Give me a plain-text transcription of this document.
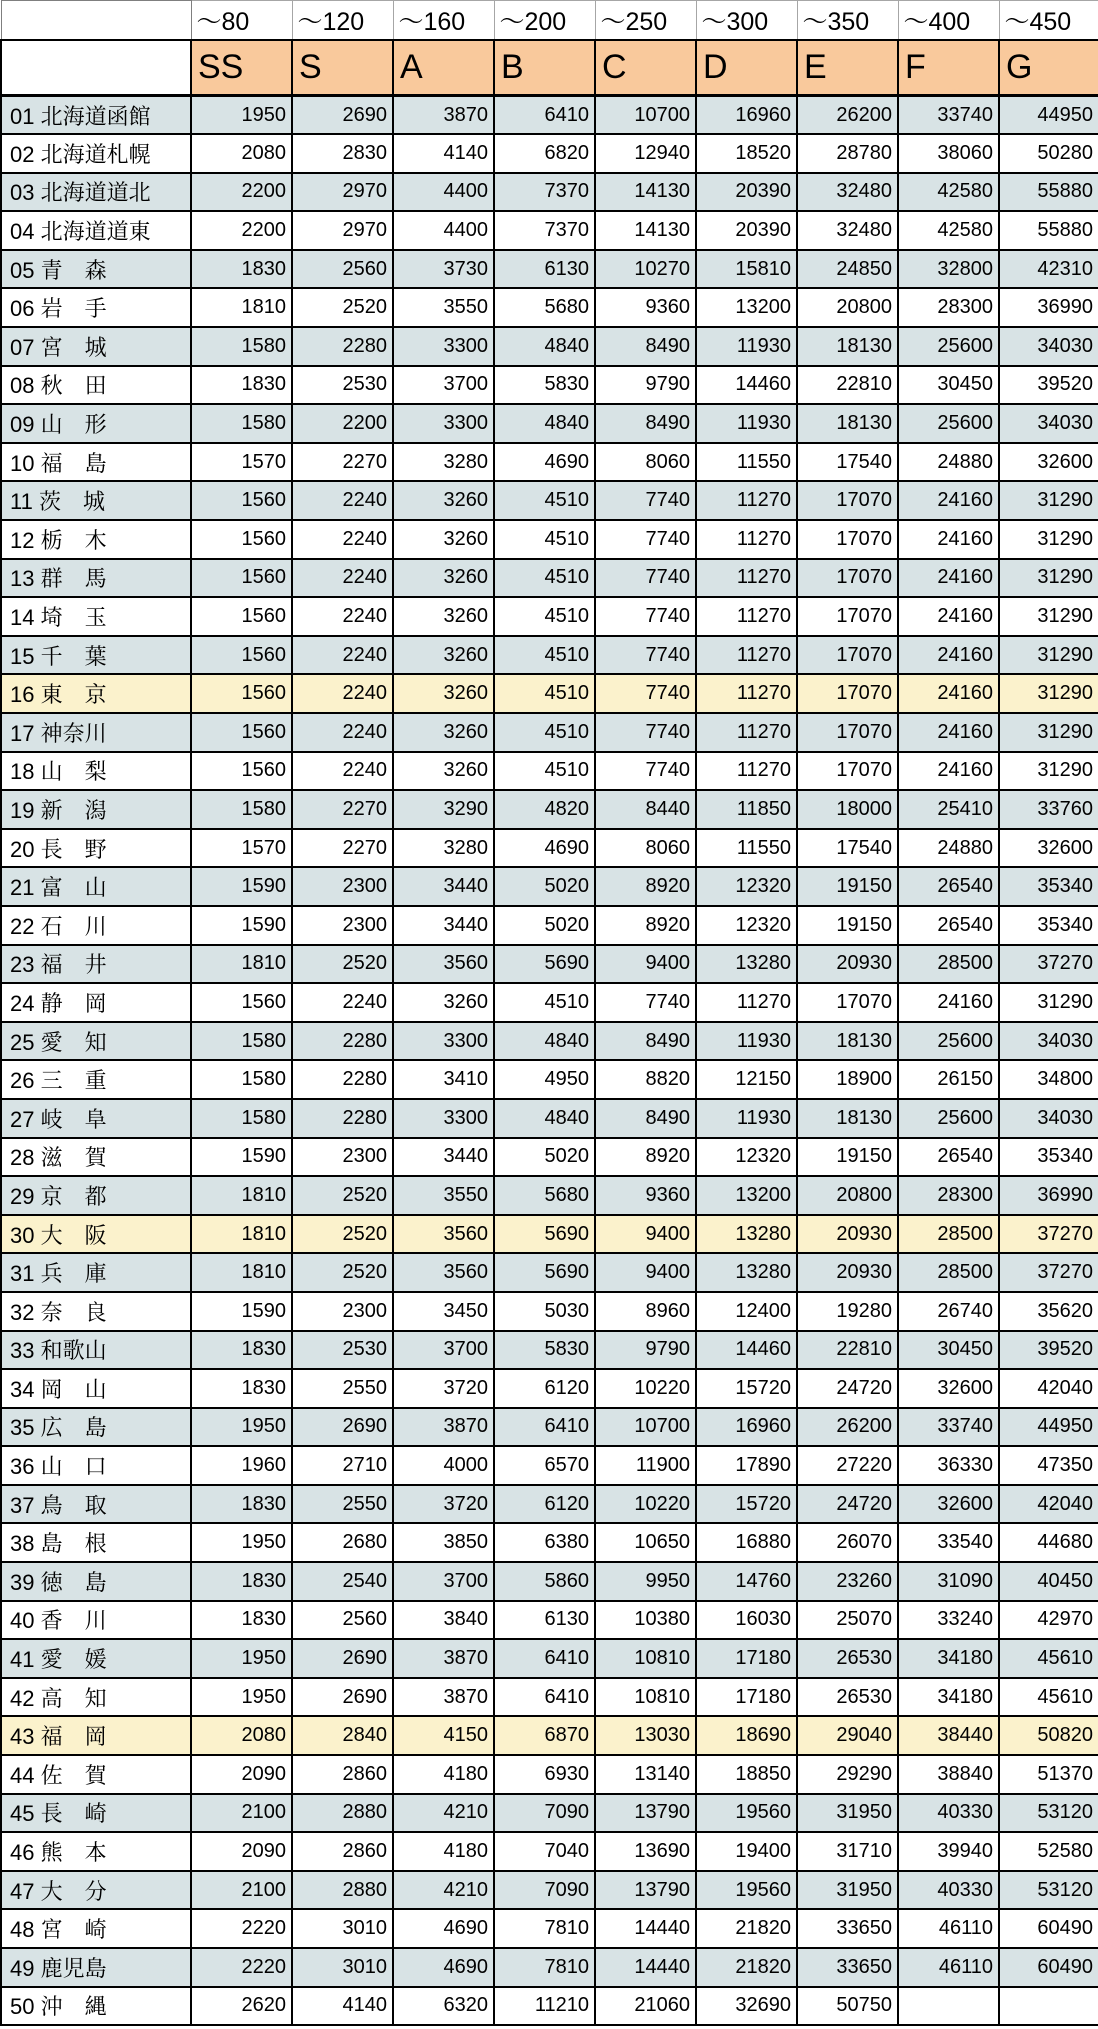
	～80	～120	～160	～200	～250	～300	～350	～400	～450
	SS	S	A	B	C	D	E	F	G
01 北海道函館	1950	2690	3870	6410	10700	16960	26200	33740	44950
02 北海道札幌	2080	2830	4140	6820	12940	18520	28780	38060	50280
03 北海道道北	2200	2970	4400	7370	14130	20390	32480	42580	55880
04 北海道道東	2200	2970	4400	7370	14130	20390	32480	42580	55880
05 青　森	1830	2560	3730	6130	10270	15810	24850	32800	42310
06 岩　手	1810	2520	3550	5680	9360	13200	20800	28300	36990
07 宮　城	1580	2280	3300	4840	8490	11930	18130	25600	34030
08 秋　田	1830	2530	3700	5830	9790	14460	22810	30450	39520
09 山　形	1580	2200	3300	4840	8490	11930	18130	25600	34030
10 福　島	1570	2270	3280	4690	8060	11550	17540	24880	32600
11 茨　城	1560	2240	3260	4510	7740	11270	17070	24160	31290
12 栃　木	1560	2240	3260	4510	7740	11270	17070	24160	31290
13 群　馬	1560	2240	3260	4510	7740	11270	17070	24160	31290
14 埼　玉	1560	2240	3260	4510	7740	11270	17070	24160	31290
15 千　葉	1560	2240	3260	4510	7740	11270	17070	24160	31290
16 東　京	1560	2240	3260	4510	7740	11270	17070	24160	31290
17 神奈川	1560	2240	3260	4510	7740	11270	17070	24160	31290
18 山　梨	1560	2240	3260	4510	7740	11270	17070	24160	31290
19 新　潟	1580	2270	3290	4820	8440	11850	18000	25410	33760
20 長　野	1570	2270	3280	4690	8060	11550	17540	24880	32600
21 富　山	1590	2300	3440	5020	8920	12320	19150	26540	35340
22 石　川	1590	2300	3440	5020	8920	12320	19150	26540	35340
23 福　井	1810	2520	3560	5690	9400	13280	20930	28500	37270
24 静　岡	1560	2240	3260	4510	7740	11270	17070	24160	31290
25 愛　知	1580	2280	3300	4840	8490	11930	18130	25600	34030
26 三　重	1580	2280	3410	4950	8820	12150	18900	26150	34800
27 岐　阜	1580	2280	3300	4840	8490	11930	18130	25600	34030
28 滋　賀	1590	2300	3440	5020	8920	12320	19150	26540	35340
29 京　都	1810	2520	3550	5680	9360	13200	20800	28300	36990
30 大　阪	1810	2520	3560	5690	9400	13280	20930	28500	37270
31 兵　庫	1810	2520	3560	5690	9400	13280	20930	28500	37270
32 奈　良	1590	2300	3450	5030	8960	12400	19280	26740	35620
33 和歌山	1830	2530	3700	5830	9790	14460	22810	30450	39520
34 岡　山	1830	2550	3720	6120	10220	15720	24720	32600	42040
35 広　島	1950	2690	3870	6410	10700	16960	26200	33740	44950
36 山　口	1960	2710	4000	6570	11900	17890	27220	36330	47350
37 鳥　取	1830	2550	3720	6120	10220	15720	24720	32600	42040
38 島　根	1950	2680	3850	6380	10650	16880	26070	33540	44680
39 徳　島	1830	2540	3700	5860	9950	14760	23260	31090	40450
40 香　川	1830	2560	3840	6130	10380	16030	25070	33240	42970
41 愛　媛	1950	2690	3870	6410	10810	17180	26530	34180	45610
42 高　知	1950	2690	3870	6410	10810	17180	26530	34180	45610
43 福　岡	2080	2840	4150	6870	13030	18690	29040	38440	50820
44 佐　賀	2090	2860	4180	6930	13140	18850	29290	38840	51370
45 長　崎	2100	2880	4210	7090	13790	19560	31950	40330	53120
46 熊　本	2090	2860	4180	7040	13690	19400	31710	39940	52580
47 大　分	2100	2880	4210	7090	13790	19560	31950	40330	53120
48 宮　崎	2220	3010	4690	7810	14440	21820	33650	46110	60490
49 鹿児島	2220	3010	4690	7810	14440	21820	33650	46110	60490
50 沖　縄	2620	4140	6320	11210	21060	32690	50750		
